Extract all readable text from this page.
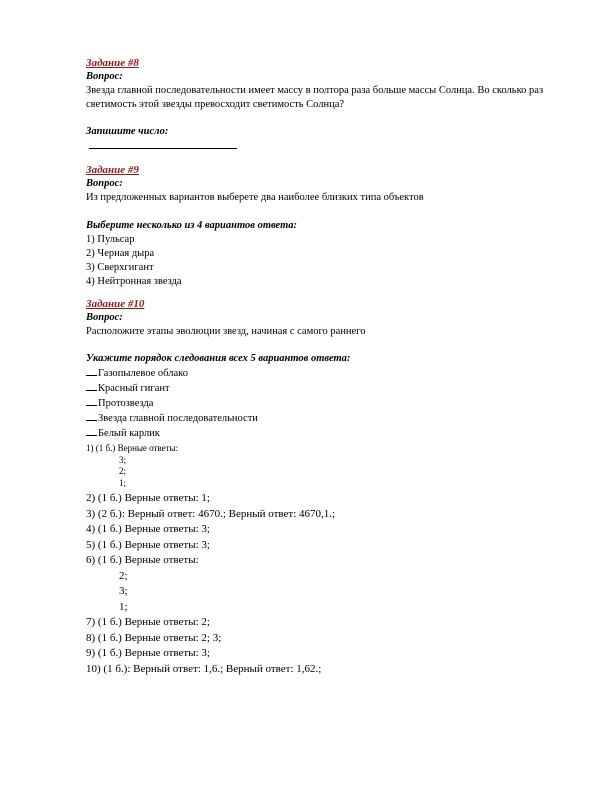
Задание #8
Вопрос:
Звезда главной последовательности имеет массу в полтора раза больше массы Солнца. Во сколько раз светимость этой звезды превосходит светимость Солнца?
Запишите число:
Задание #9
Вопрос:
Из предложенных вариантов выберете два наиболее близких типа объектов
Выберите несколько из 4 вариантов ответа:
1) Пульсар
2) Черная дыра
3) Сверхгигант
4) Нейтронная звезда
Задание #10
Вопрос:
Расположите этапы эволюции звезд, начиная с самого раннего
Укажите порядок следования всех 5 вариантов ответа:
Газопылевое облако
Красный гигант
Протозвезда
Звезда главной последовательности
Белый карлик
1) (1 б.) Верные ответы:
3;
2;
1;
2) (1 б.) Верные ответы: 1;
3) (2 б.): Верный ответ: 4670.; Верный ответ: 4670,1.;
4) (1 б.) Верные ответы: 3;
5) (1 б.) Верные ответы: 3;
6) (1 б.) Верные ответы:
2;
3;
1;
7) (1 б.) Верные ответы: 2;
8) (1 б.) Верные ответы: 2; 3;
9) (1 б.) Верные ответы: 3;
10) (1 б.): Верный ответ: 1,6.; Верный ответ: 1,62.;
